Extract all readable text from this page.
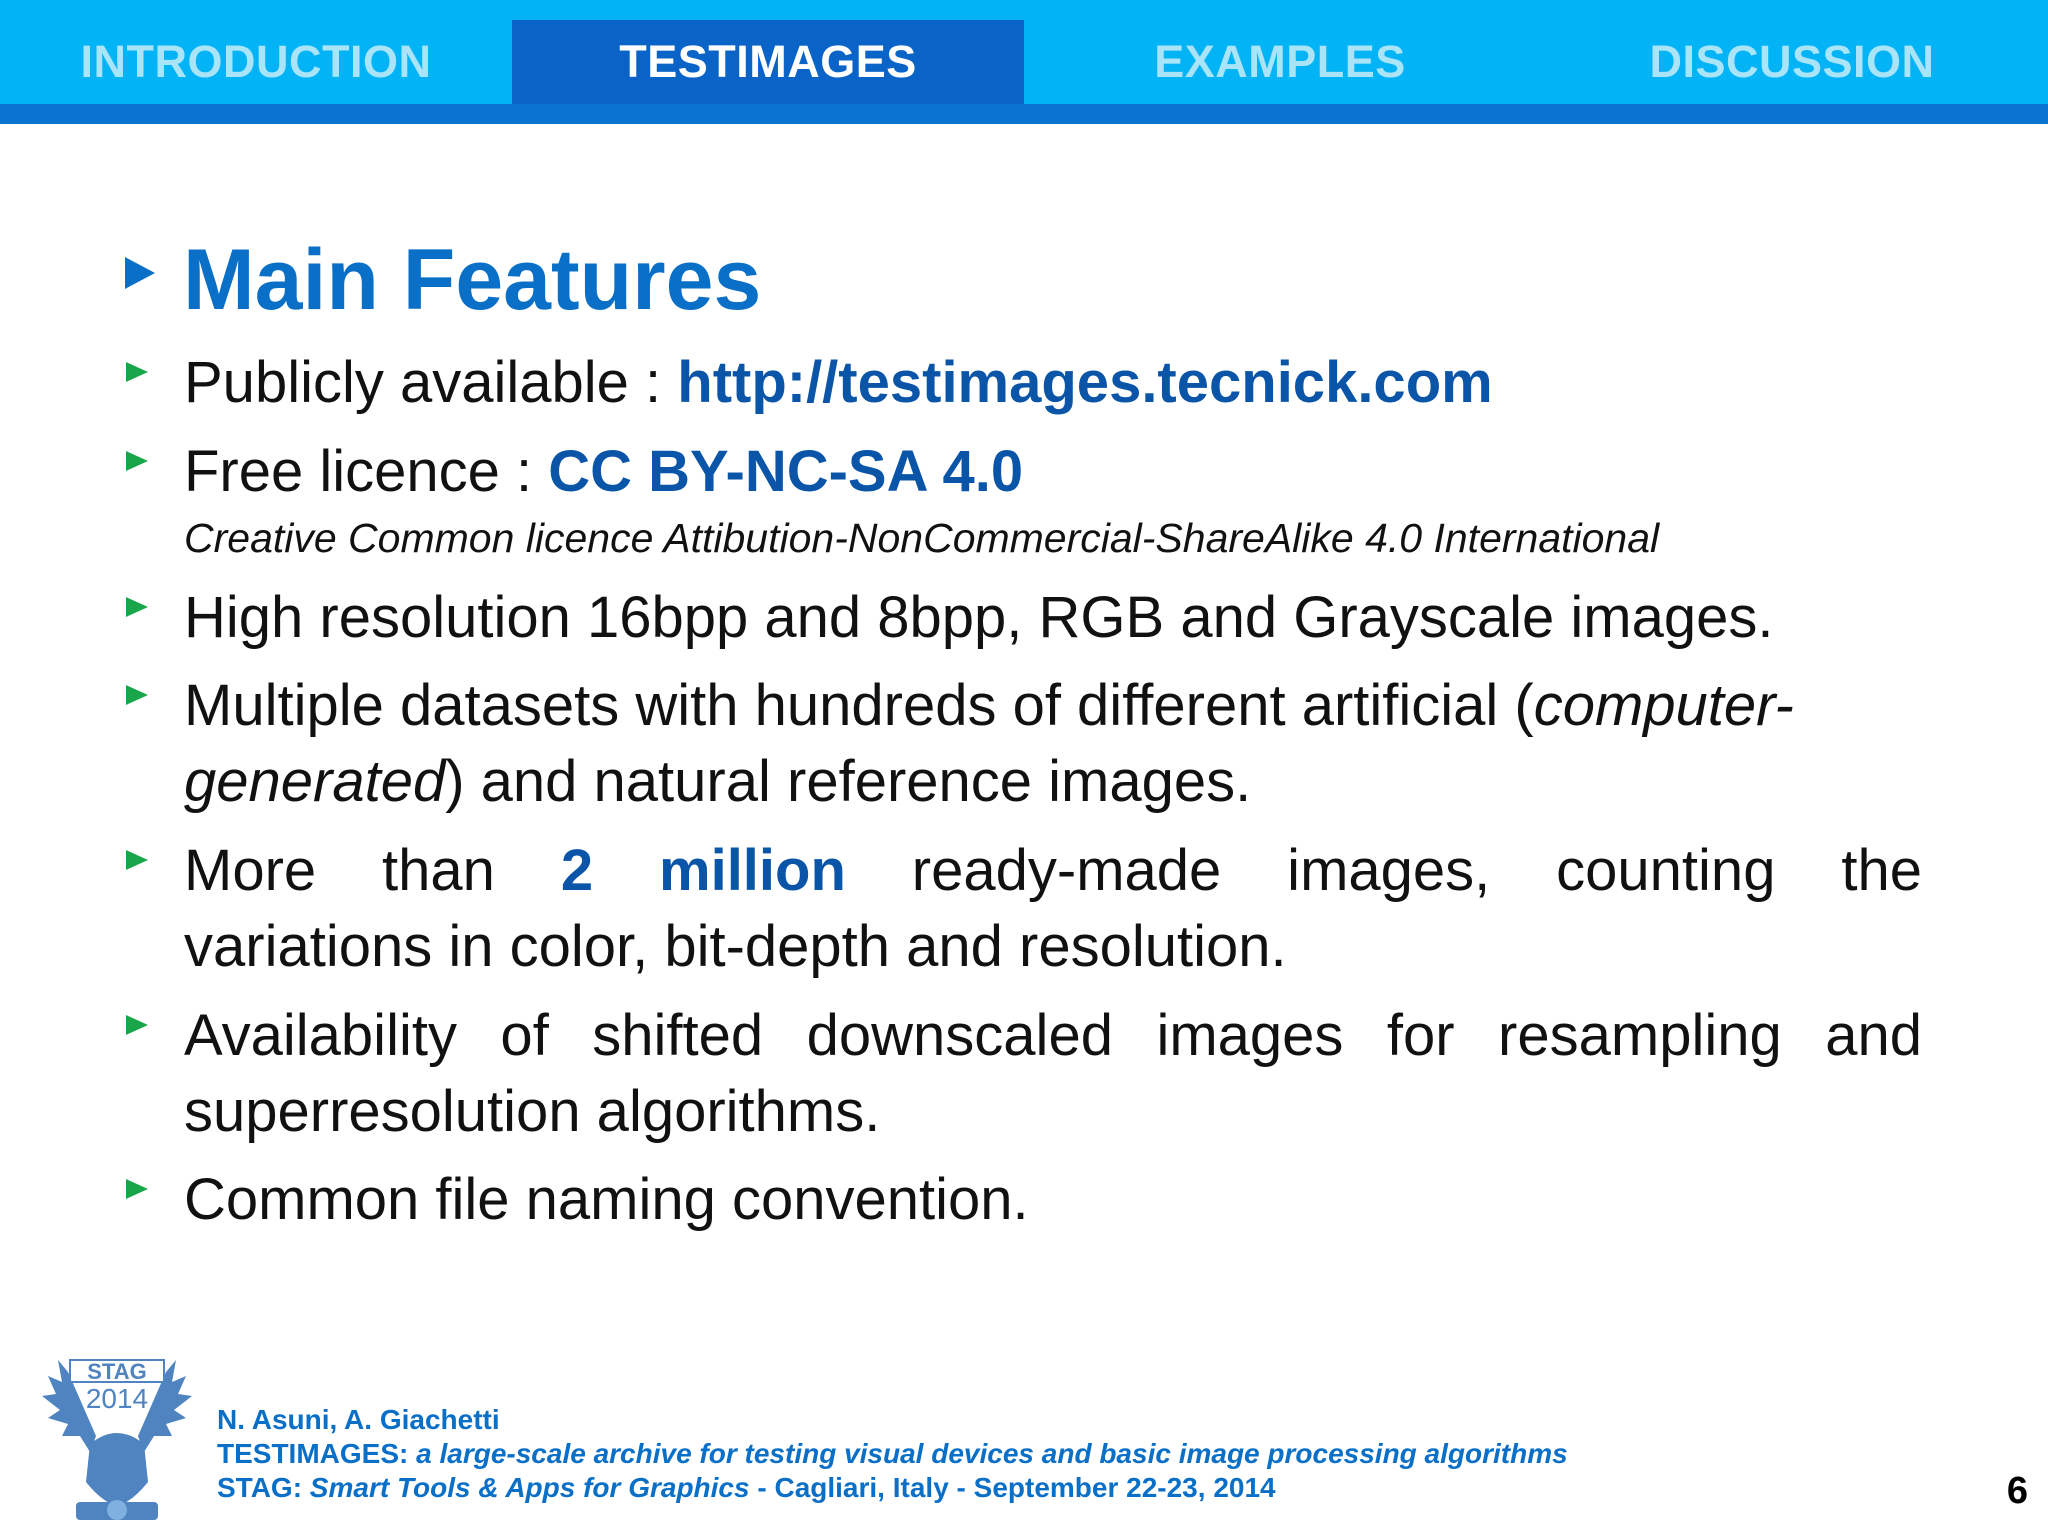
INTRODUCTION	TESTIMAGES	EXAMPLES	DISCUSSION
Main Features
Publicly available : http://testimages.tecnick.com
Free licence : CC BY-NC-SA 4.0
Creative Common licence Attibution-NonCommercial-ShareAlike 4.0 International
High resolution 16bpp and 8bpp, RGB and Grayscale images.
Multiple datasets with hundreds of different artificial (computer-
generated) and natural reference images.
More than 2 million ready-made images, counting the
variations in color, bit-depth and resolution.
Availability of shifted downscaled images for resampling and
superresolution algorithms.
Common file naming convention.
STAG
2014
N. Asuni, A. Giachetti
TESTIMAGES: a large-scale archive for testing visual devices and basic image processing algorithms
STAG: Smart Tools & Apps for Graphics - Cagliari, Italy - September 22-23, 2014	6
